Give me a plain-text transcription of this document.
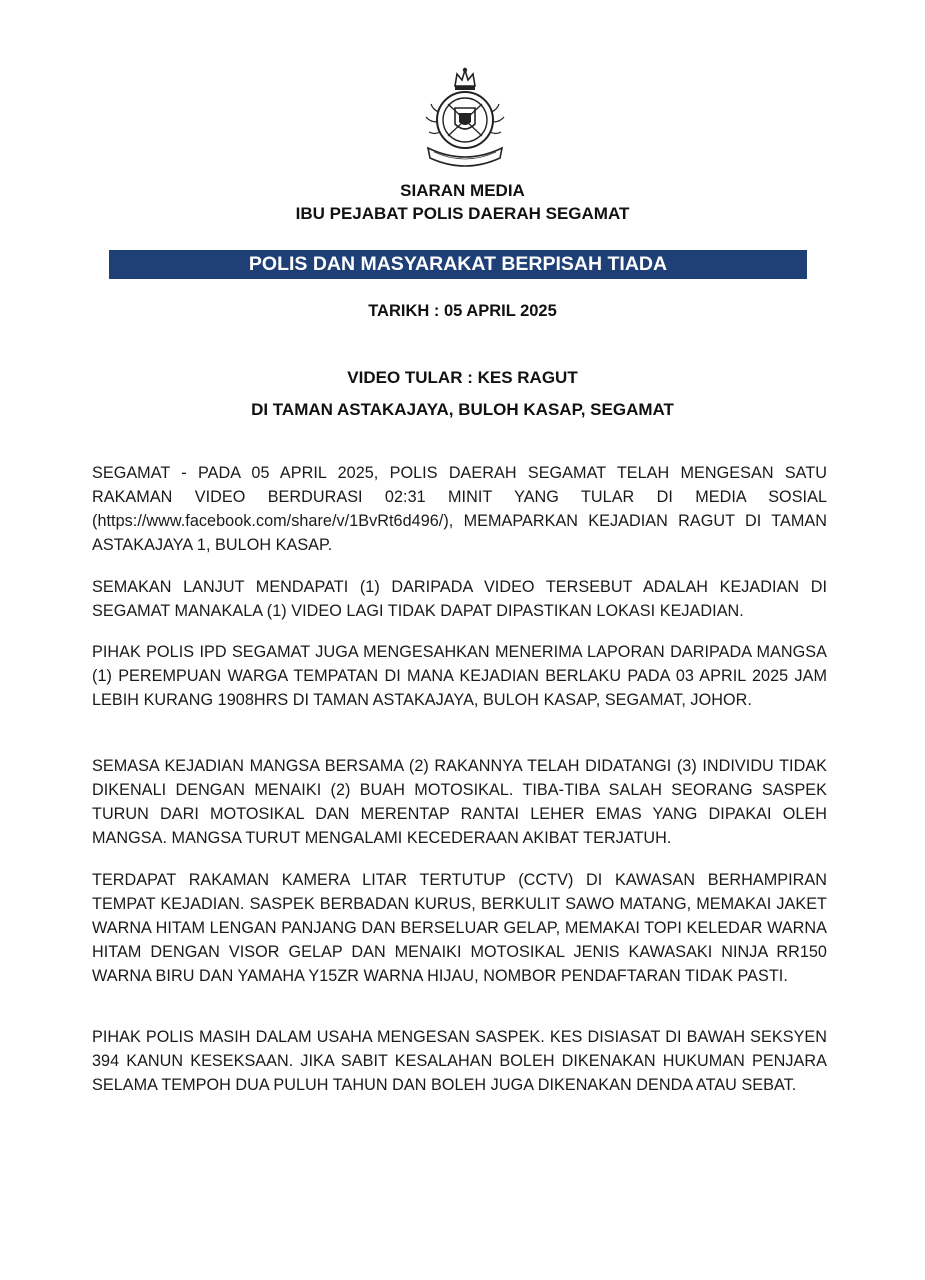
SIARAN MEDIA
IBU PEJABAT POLIS DAERAH SEGAMAT
POLIS DAN MASYARAKAT BERPISAH TIADA
TARIKH : 05 APRIL 2025
VIDEO TULAR : KES RAGUT
DI TAMAN ASTAKAJAYA, BULOH KASAP, SEGAMAT
SEGAMAT - PADA 05 APRIL 2025, POLIS DAERAH SEGAMAT TELAH MENGESAN SATU RAKAMAN VIDEO BERDURASI 02:31 MINIT YANG TULAR DI MEDIA SOSIAL (https://www.facebook.com/share/v/1BvRt6d496/), MEMAPARKAN KEJADIAN RAGUT DI TAMAN ASTAKAJAYA 1, BULOH KASAP.
SEMAKAN LANJUT MENDAPATI (1) DARIPADA VIDEO TERSEBUT ADALAH KEJADIAN DI SEGAMAT MANAKALA (1) VIDEO LAGI TIDAK DAPAT DIPASTIKAN LOKASI KEJADIAN.
PIHAK POLIS IPD SEGAMAT JUGA MENGESAHKAN MENERIMA LAPORAN DARIPADA MANGSA (1) PEREMPUAN WARGA TEMPATAN DI MANA KEJADIAN BERLAKU PADA 03 APRIL 2025 JAM LEBIH KURANG 1908HRS DI TAMAN ASTAKAJAYA, BULOH KASAP, SEGAMAT, JOHOR.
SEMASA KEJADIAN MANGSA BERSAMA (2) RAKANNYA TELAH DIDATANGI (3) INDIVIDU TIDAK DIKENALI DENGAN MENAIKI (2) BUAH MOTOSIKAL. TIBA-TIBA SALAH SEORANG SASPEK TURUN DARI MOTOSIKAL DAN MERENTAP RANTAI LEHER EMAS YANG DIPAKAI OLEH MANGSA. MANGSA TURUT MENGALAMI KECEDERAAN AKIBAT TERJATUH.
TERDAPAT RAKAMAN KAMERA LITAR TERTUTUP (CCTV) DI KAWASAN BERHAMPIRAN TEMPAT KEJADIAN. SASPEK BERBADAN KURUS, BERKULIT SAWO MATANG, MEMAKAI JAKET WARNA HITAM LENGAN PANJANG DAN BERSELUAR GELAP, MEMAKAI TOPI KELEDAR WARNA HITAM DENGAN VISOR GELAP DAN MENAIKI MOTOSIKAL JENIS KAWASAKI NINJA RR150 WARNA BIRU DAN YAMAHA Y15ZR WARNA HIJAU, NOMBOR PENDAFTARAN TIDAK PASTI.
PIHAK POLIS MASIH DALAM USAHA MENGESAN SASPEK. KES DISIASAT DI BAWAH SEKSYEN 394 KANUN KESEKSAAN. JIKA SABIT KESALAHAN BOLEH DIKENAKAN HUKUMAN PENJARA SELAMA TEMPOH DUA PULUH TAHUN DAN BOLEH JUGA DIKENAKAN DENDA ATAU SEBAT.
